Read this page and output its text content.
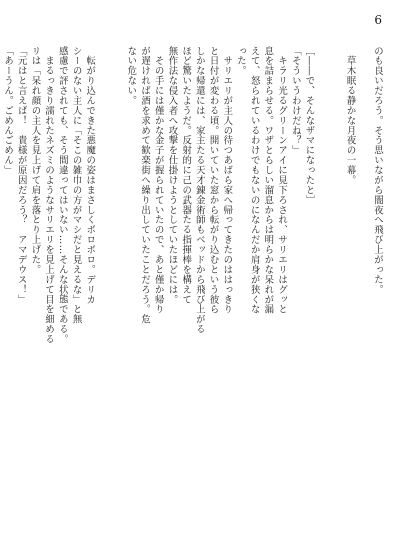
6
のも良いだろう。そう思いながら闇夜へ飛び上がった。

　草木眠る静かな月夜の一幕。

［――で、そんなザマになったと］
「そういうわけだね？」
　キラリ光るグリーンアイに見下ろされ、サリエリはグッと
息を詰まらせる。ワザとらしい溜息からは明らかな呆れが漏
えて、怒られているわけでもないのになんだか肩身が狭くな
った。
　サリエリが主人の待つあばら家へ帰ってきたのははっきり
と日付が変わる頃。開いていた窓から転がり込むという彼ら
しかな帰還には、家主たる天才錬金術師もベッドから飛び上がる
ほど驚いたようだ。反射的に己の武器たる指揮棒を構えて
無作法な侵入者へ攻撃を仕掛けようとしていたほどには。
　その手には僅かな金子が握られていたので、あと僅か帰り
が遅ければ酒を求めて歓楽街へ繰り出していたことだろう。危
ない危ない。

　転がり込んできた悪魔の姿はまさしくボロボロ。デリカ
シーのない主人に「そこの雑巾の方がマシだと見えるな」と無
感慮で評されても、そう間違ってはいない……そんな状態である。
　まるっきり濡れたネズミのようなサリエリを見上げて目を細める
リは「呆れ顔の主人を見上げて肩を落とり上げた。
「元はと言えば！　貴様が原因だろう？　アマデウス！」
「あーうん。ごめんごめん」
